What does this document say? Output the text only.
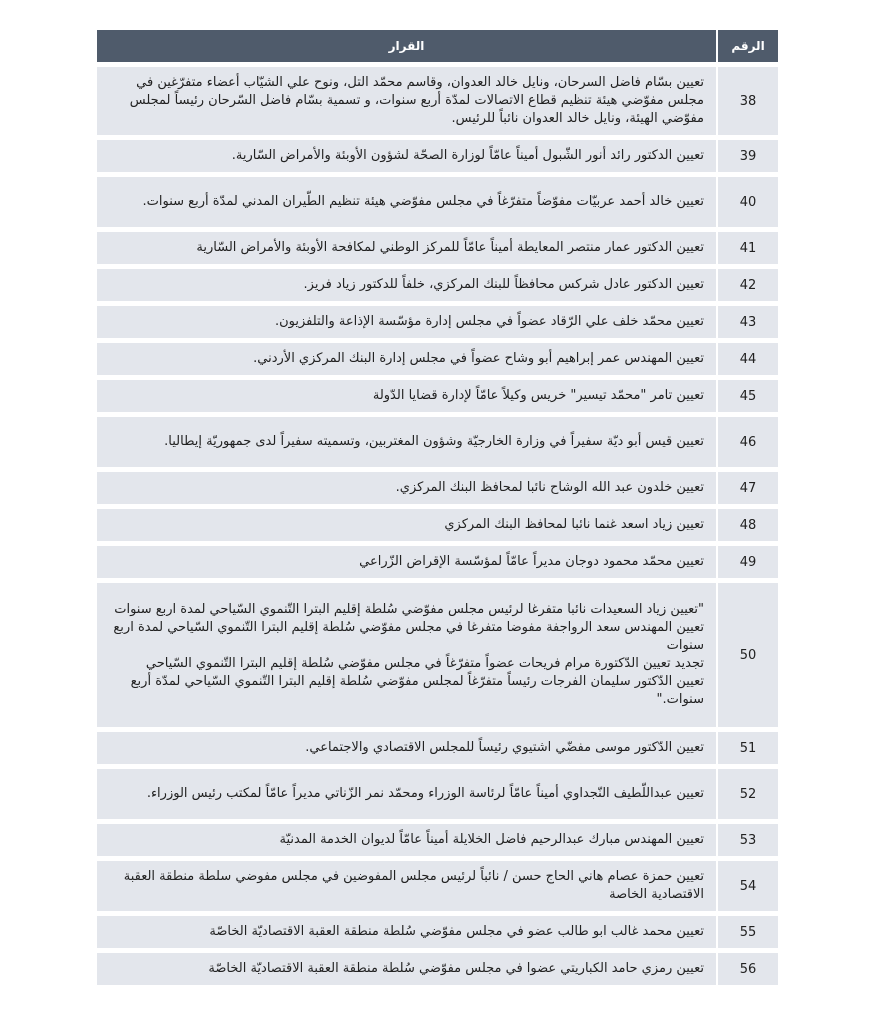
الرقم
القرار
38
تعيين بسّام فاضل السرحان، ونايل خالد العدوان، وقاسم محمّد التل، ونوح علي الشيّاب أعضاء متفرّغين في مجلس مفوّضي هيئة تنظيم قطاع الاتصالات لمدّة أربع سنوات، و تسمية بسّام فاضل السّرحان رئيساً لمجلس مفوّضي الهيئة، ونايل خالد العدوان نائباً للرئيس.
39
تعيين الدكتور رائد أنور الشّبول أميناً عامّاً لوزارة الصحّة لشؤون الأوبئة والأمراض السّارية.
40
تعيين خالد أحمد عربيّات مفوّضاً متفرّغاً في مجلس مفوّضي هيئة تنظيم الطّيران المدني لمدّة أربع سنوات.
41
تعيين الدكتور عمار منتصر المعايطة أميناً عامّاً للمركز الوطني لمكافحة الأوبئة والأمراض السّارية
42
تعيين الدكتور عادل شركس محافظاً للبنك المركزي، خلفاً للدكتور زياد فريز.
43
تعيين محمّد خلف علي الرّقاد عضواً في مجلس إدارة مؤسّسة الإذاعة والتلفزيون.
44
تعيين المهندس عمر إبراهيم أبو وشاح عضواً في مجلس إدارة البنك المركزي الأردني.
45
تعيين تامر "محمّد تيسير" خريس وكيلاً عامّاً لإدارة قضايا الدّولة
46
تعيين قيس أبو ديّة سفيراً في وزارة الخارجيّة وشؤون المغتربين، وتسميته سفيراً لدى جمهوريّة إيطاليا.
47
تعيين خلدون عبد الله الوشاح نائبا لمحافظ البنك المركزي.
48
تعيين زياد اسعد غنما نائبا لمحافظ البنك المركزي
49
تعيين محمّد محمود دوجان مديراً عامّاً لمؤسّسة الإقراض الزّراعي
50
"تعيين زياد السعيدات نائبا متفرغا لرئيس مجلس مفوّضي سُلطة إقليم البترا التّنموي السّياحي لمدة اربع سنوات
تعيين المهندس سعد الرواجفة مفوضا متفرغا في مجلس مفوّضي سُلطة إقليم البترا التّنموي السّياحي لمدة اربع سنوات
تجديد تعيين الدّكتورة مرام فريحات عضواً متفرّغاً في مجلس مفوّضي سُلطة إقليم البترا التّنموي السّياحي
تعيين الدّكتور سليمان الفرجات رئيساً متفرّغاً لمجلس مفوّضي سُلطة إقليم البترا التّنموي السّياحي لمدّة أربع سنوات."
51
تعيين الدّكتور موسى مفضّي اشتيوي رئيساً للمجلس الاقتصادي والاجتماعي.
52
تعيين عبداللّطيف النّجداوي أميناً عامّاً لرئاسة الوزراء ومحمّد نمر الزّناتي مديراً عامّاً لمكتب رئيس الوزراء.
53
تعيين المهندس مبارك عبدالرحيم فاضل الخلايلة أميناً عامّاً لديوان الخدمة المدنيّة
54
تعيين حمزة عصام هاني الحاج حسن / نائباً لرئيس مجلس المفوضين في مجلس مفوضي سلطة منطقة العقبة الاقتصادية الخاصة
55
تعيين محمد غالب ابو طالب عضو في مجلس مفوّضي سُلطة منطقة العقبة الاقتصاديّة الخاصّة
56
تعيين رمزي حامد الكباريتي عضوا في مجلس مفوّضي سُلطة منطقة العقبة الاقتصاديّة الخاصّة
